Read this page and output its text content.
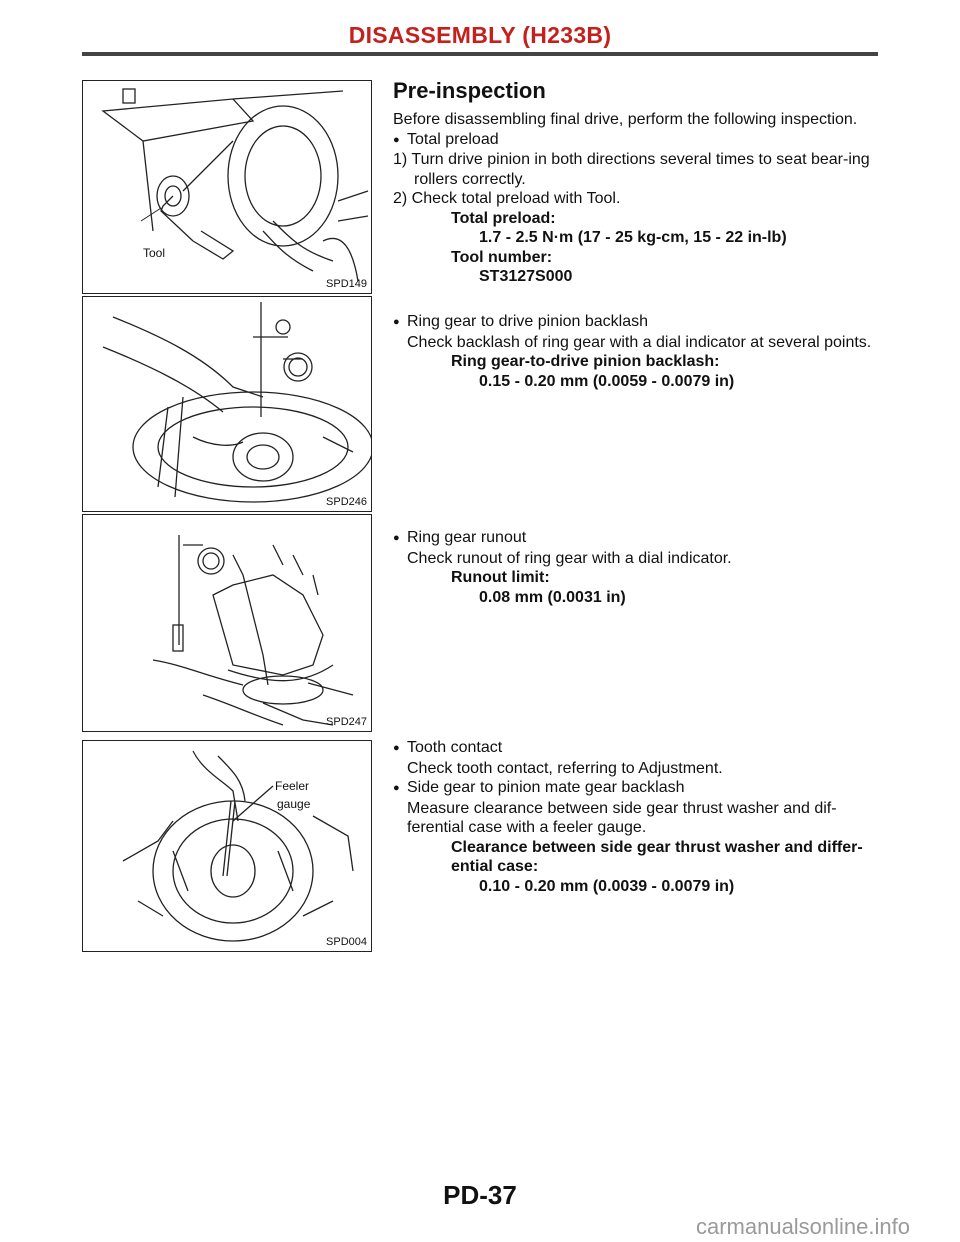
DISASSEMBLY (H233B)
Tool
SPD149
Pre-inspection

Before disassembling final drive, perform the following inspection.

● Total preload

1) Turn drive pinion in both directions several times to seat bear-ing rollers correctly.

2) Check total preload with Tool.

Total preload:

1.7 - 2.5 N·m (17 - 25 kg-cm, 15 - 22 in-lb)

Tool number:

ST3127S000

SPD246

● Ring gear to drive pinion backlash

Check backlash of ring gear with a dial indicator at several points.

Ring gear-to-drive pinion backlash:

0.15 - 0.20 mm (0.0059 - 0.0079 in)

SPD247

● Ring gear runout

Check runout of ring gear with a dial indicator.

Runout limit:

0.08 mm (0.0031 in)

Feeler
gauge
SPD004

● Tooth contact

Check tooth contact, referring to Adjustment.

● Side gear to pinion mate gear backlash

Measure clearance between side gear thrust washer and dif-ferential case with a feeler gauge.

Clearance between side gear thrust washer and differ-ential case:

0.10 - 0.20 mm (0.0039 - 0.0079 in)

PD-37
carmanualsonline.info
